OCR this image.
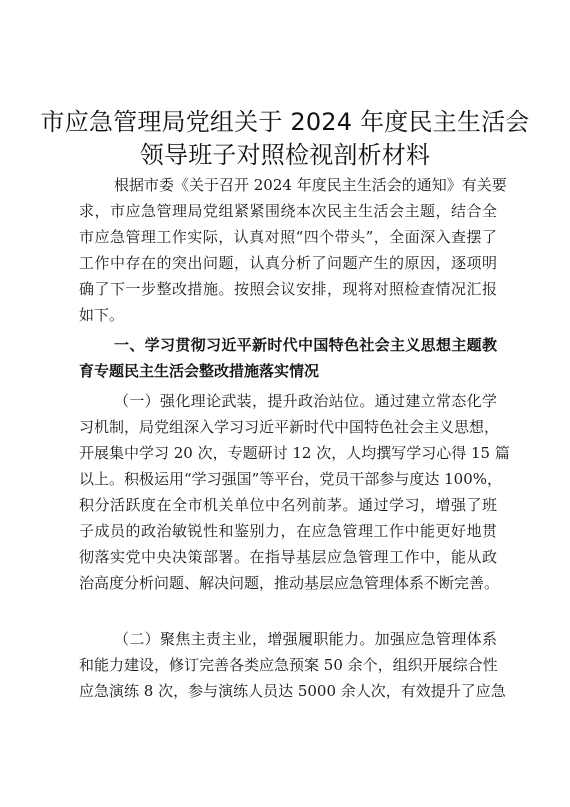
市应急管理局党组关于 2024 年度民主生活会
领导班子对照检视剖析材料
根据市委《关于召开 2024 年度民主生活会的通知》有关要
求，市应急管理局党组紧紧围绕本次民主生活会主题，结合全
市应急管理工作实际，认真对照“四个带头”，全面深入查摆了
工作中存在的突出问题，认真分析了问题产生的原因，逐项明
确了下一步整改措施。按照会议安排，现将对照检查情况汇报
如下。
一、学习贯彻习近平新时代中国特色社会主义思想主题教
育专题民主生活会整改措施落实情况
（一）强化理论武装，提升政治站位。通过建立常态化学
习机制，局党组深入学习习近平新时代中国特色社会主义思想，
开展集中学习 20 次，专题研讨 12 次，人均撰写学习心得 15 篇
以上。积极运用“学习强国”等平台，党员干部参与度达 100%，
积分活跃度在全市机关单位中名列前茅。通过学习，增强了班
子成员的政治敏锐性和鉴别力，在应急管理工作中能更好地贯
彻落实党中央决策部署。在指导基层应急管理工作中，能从政
治高度分析问题、解决问题，推动基层应急管理体系不断完善。
（二）聚焦主责主业，增强履职能力。加强应急管理体系
和能力建设，修订完善各类应急预案 50 余个，组织开展综合性
应急演练 8 次，参与演练人员达 5000 余人次，有效提升了应急
